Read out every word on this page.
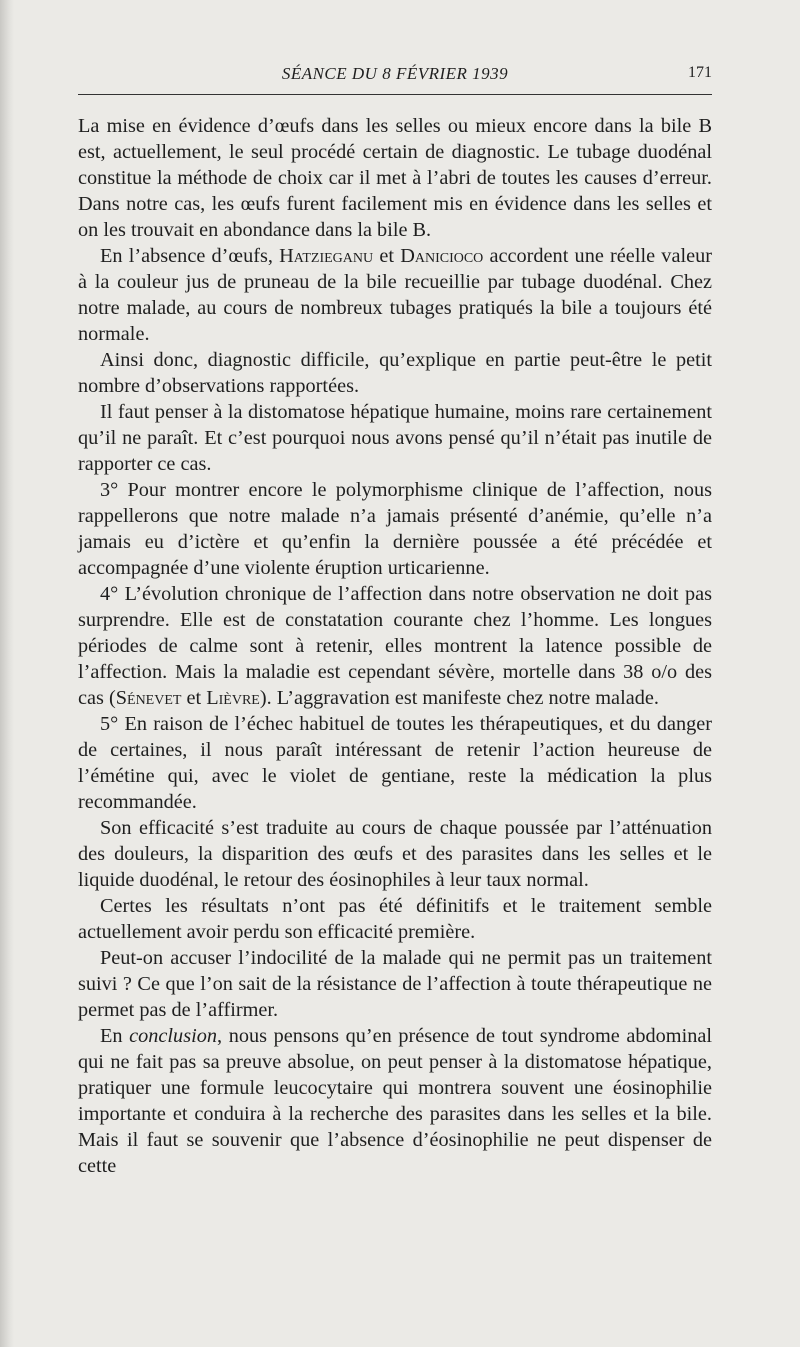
SÉANCE DU 8 FÉVRIER 1939	171

La mise en évidence d’œufs dans les selles ou mieux encore dans la bile B est, actuellement, le seul procédé certain de diagnostic. Le tubage duodénal constitue la méthode de choix car il met à l’abri de toutes les causes d’erreur. Dans notre cas, les œufs furent facilement mis en évidence dans les selles et on les trouvait en abondance dans la bile B.

En l’absence d’œufs, Hatzieganu et Danicioco accordent une réelle valeur à la couleur jus de pruneau de la bile recueillie par tubage duodénal. Chez notre malade, au cours de nombreux tubages pratiqués la bile a toujours été normale.

Ainsi donc, diagnostic difficile, qu’explique en partie peut-être le petit nombre d’observations rapportées.

Il faut penser à la distomatose hépatique humaine, moins rare certainement qu’il ne paraît. Et c’est pourquoi nous avons pensé qu’il n’était pas inutile de rapporter ce cas.

3° Pour montrer encore le polymorphisme clinique de l’affection, nous rappellerons que notre malade n’a jamais présenté d’anémie, qu’elle n’a jamais eu d’ictère et qu’enfin la dernière poussée a été précédée et accompagnée d’une violente éruption urticarienne.

4° L’évolution chronique de l’affection dans notre observation ne doit pas surprendre. Elle est de constatation courante chez l’homme. Les longues périodes de calme sont à retenir, elles montrent la latence possible de l’affection. Mais la maladie est cependant sévère, mortelle dans 38 o/o des cas (Sénevet et Lièvre). L’aggravation est manifeste chez notre malade.

5° En raison de l’échec habituel de toutes les thérapeutiques, et du danger de certaines, il nous paraît intéressant de retenir l’action heureuse de l’émétine qui, avec le violet de gentiane, reste la médication la plus recommandée.

Son efficacité s’est traduite au cours de chaque poussée par l’atténuation des douleurs, la disparition des œufs et des parasites dans les selles et le liquide duodénal, le retour des éosinophiles à leur taux normal.

Certes les résultats n’ont pas été définitifs et le traitement semble actuellement avoir perdu son efficacité première.

Peut-on accuser l’indocilité de la malade qui ne permit pas un traitement suivi ? Ce que l’on sait de la résistance de l’affection à toute thérapeutique ne permet pas de l’affirmer.

En conclusion, nous pensons qu’en présence de tout syndrome abdominal qui ne fait pas sa preuve absolue, on peut penser à la distomatose hépatique, pratiquer une formule leucocytaire qui montrera souvent une éosinophilie importante et conduira à la recherche des parasites dans les selles et la bile. Mais il faut se souvenir que l’absence d’éosinophilie ne peut dispenser de cette
